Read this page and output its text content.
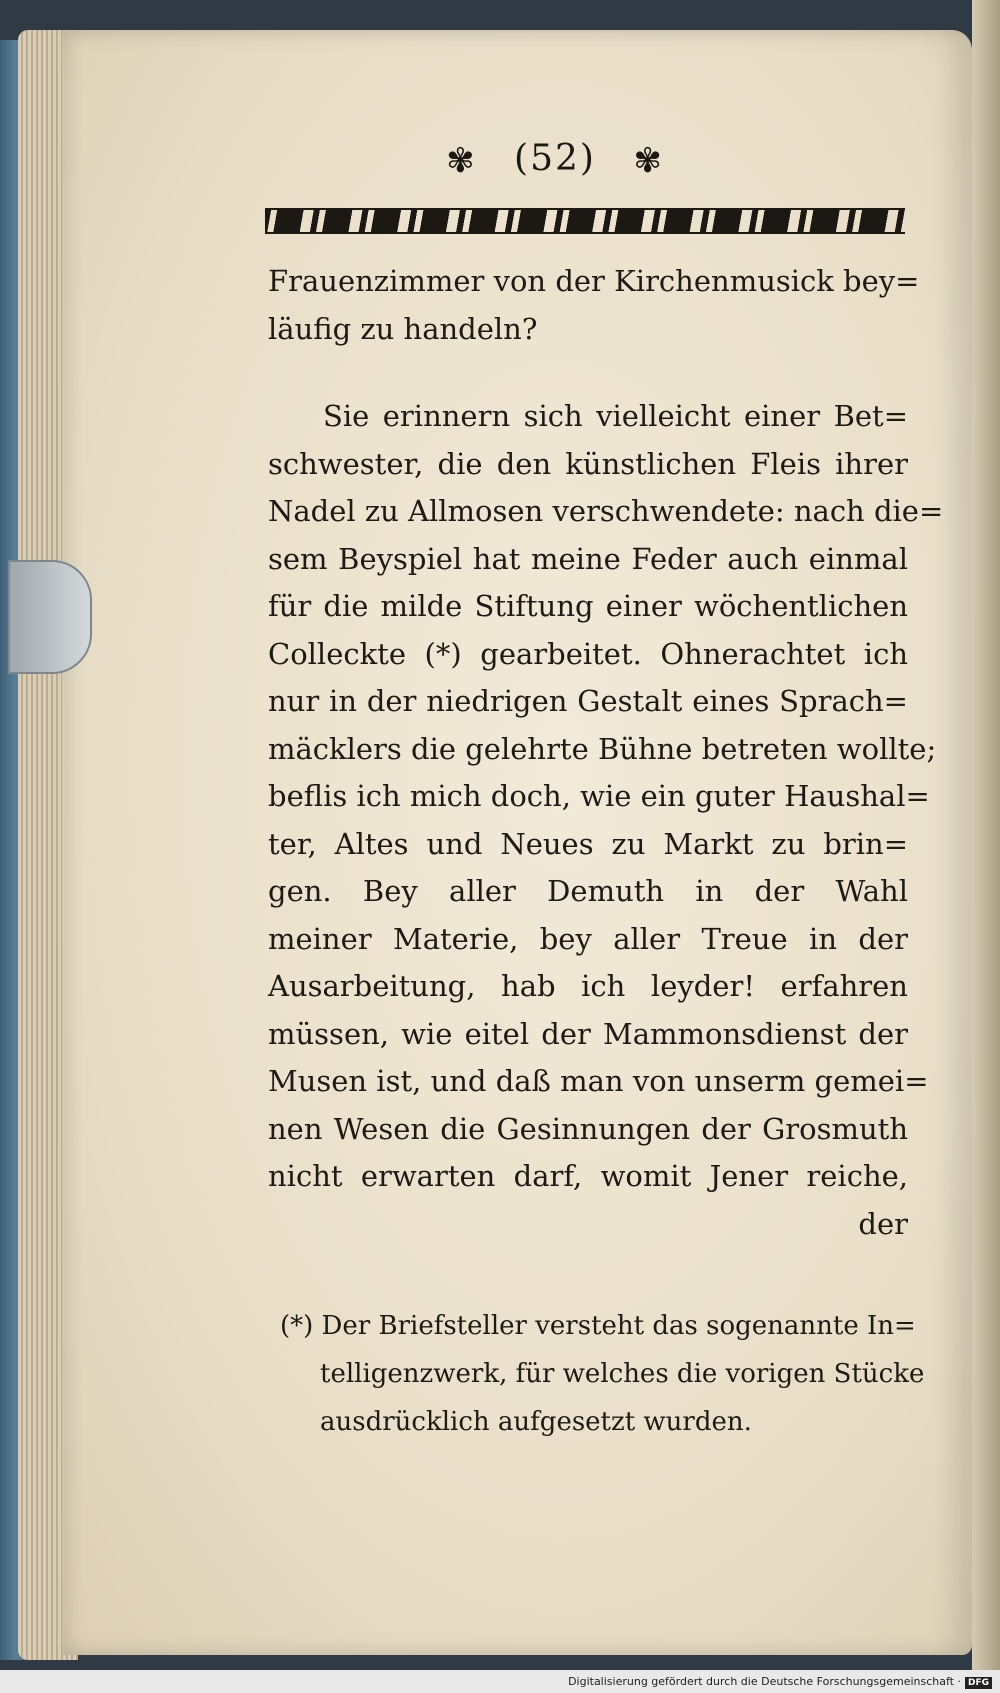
✾ (52) ✾
Frauenzimmer von der Kirchenmusick bey=
läufig zu handeln?
Sie erinnern sich vielleicht einer Bet=
schwester, die den künstlichen Fleis ihrer
Nadel zu Allmosen verschwendete: nach die=
sem Beyspiel hat meine Feder auch einmal
für die milde Stiftung einer wöchentlichen
Colleckte (*) gearbeitet. Ohnerachtet ich
nur in der niedrigen Gestalt eines Sprach=
mäcklers die gelehrte Bühne betreten wollte;
beflis ich mich doch, wie ein guter Haushal=
ter, Altes und Neues zu Markt zu brin=
gen. Bey aller Demuth in der Wahl
meiner Materie, bey aller Treue in der
Ausarbeitung, hab ich leyder! erfahren
müssen, wie eitel der Mammonsdienst der
Musen ist, und daß man von unserm gemei=
nen Wesen die Gesinnungen der Grosmuth
nicht erwarten darf, womit Jener reiche,
der
(*) Der Briefsteller versteht das sogenannte In=
telligenzwerk, für welches die vorigen Stücke
ausdrücklich aufgesetzt wurden.
Digitalisierung gefördert durch die Deutsche Forschungsgemeinschaft · DFG
